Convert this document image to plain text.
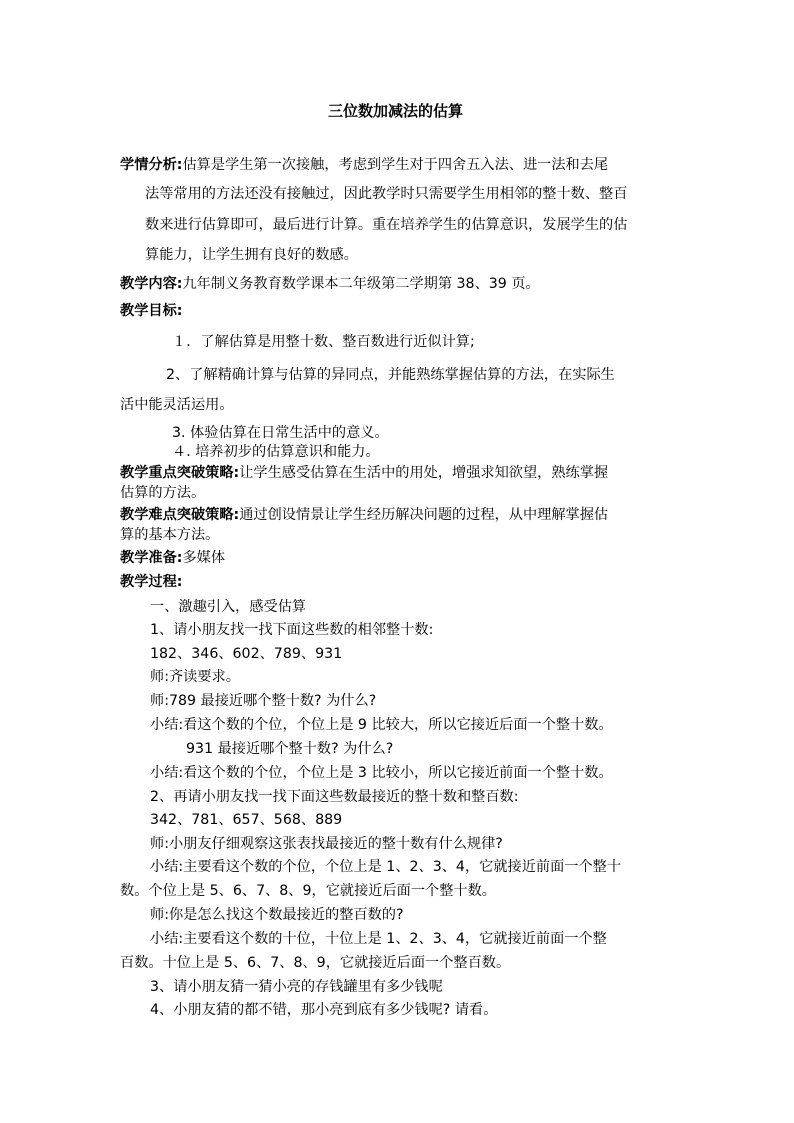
三位数加减法的估算
学情分析:估算是学生第一次接触，考虑到学生对于四舍五入法、进一法和去尾
法等常用的方法还没有接触过，因此教学时只需要学生用相邻的整十数、整百
数来进行估算即可，最后进行计算。重在培养学生的估算意识，发展学生的估
算能力，让学生拥有良好的数感。
教学内容:九年制义务教育数学课本二年级第二学期第 38、39 页。
教学目标:
１．了解估算是用整十数、整百数进行近似计算;
2、了解精确计算与估算的异同点，并能熟练掌握估算的方法，在实际生
活中能灵活运用。
3. 体验估算在日常生活中的意义。
４. 培养初步的估算意识和能力。
教学重点突破策略:让学生感受估算在生活中的用处，增强求知欲望，熟练掌握
估算的方法。
教学难点突破策略:通过创设情景让学生经历解决问题的过程，从中理解掌握估
算的基本方法。
教学准备:多媒体
教学过程:
一、激趣引入，感受估算
1、请小朋友找一找下面这些数的相邻整十数:
182、346、602、789、931
师:齐读要求。
师:789 最接近哪个整十数? 为什么?
小结:看这个数的个位，个位上是 9 比较大，所以它接近后面一个整十数。
931 最接近哪个整十数? 为什么?
小结:看这个数的个位，个位上是 3 比较小，所以它接近前面一个整十数。
2、再请小朋友找一找下面这些数最接近的整十数和整百数:
342、781、657、568、889
师:小朋友仔细观察这张表找最接近的整十数有什么规律?
小结:主要看这个数的个位，个位上是 1、2、3、4，它就接近前面一个整十
数。个位上是 5、6、7、8、9，它就接近后面一个整十数。
师:你是怎么找这个数最接近的整百数的?
小结:主要看这个数的十位，十位上是 1、2、3、4，它就接近前面一个整
百数。十位上是 5、6、7、8、9，它就接近后面一个整百数。
3、请小朋友猜一猜小亮的存钱罐里有多少钱呢
4、小朋友猜的都不错，那小亮到底有多少钱呢? 请看。
